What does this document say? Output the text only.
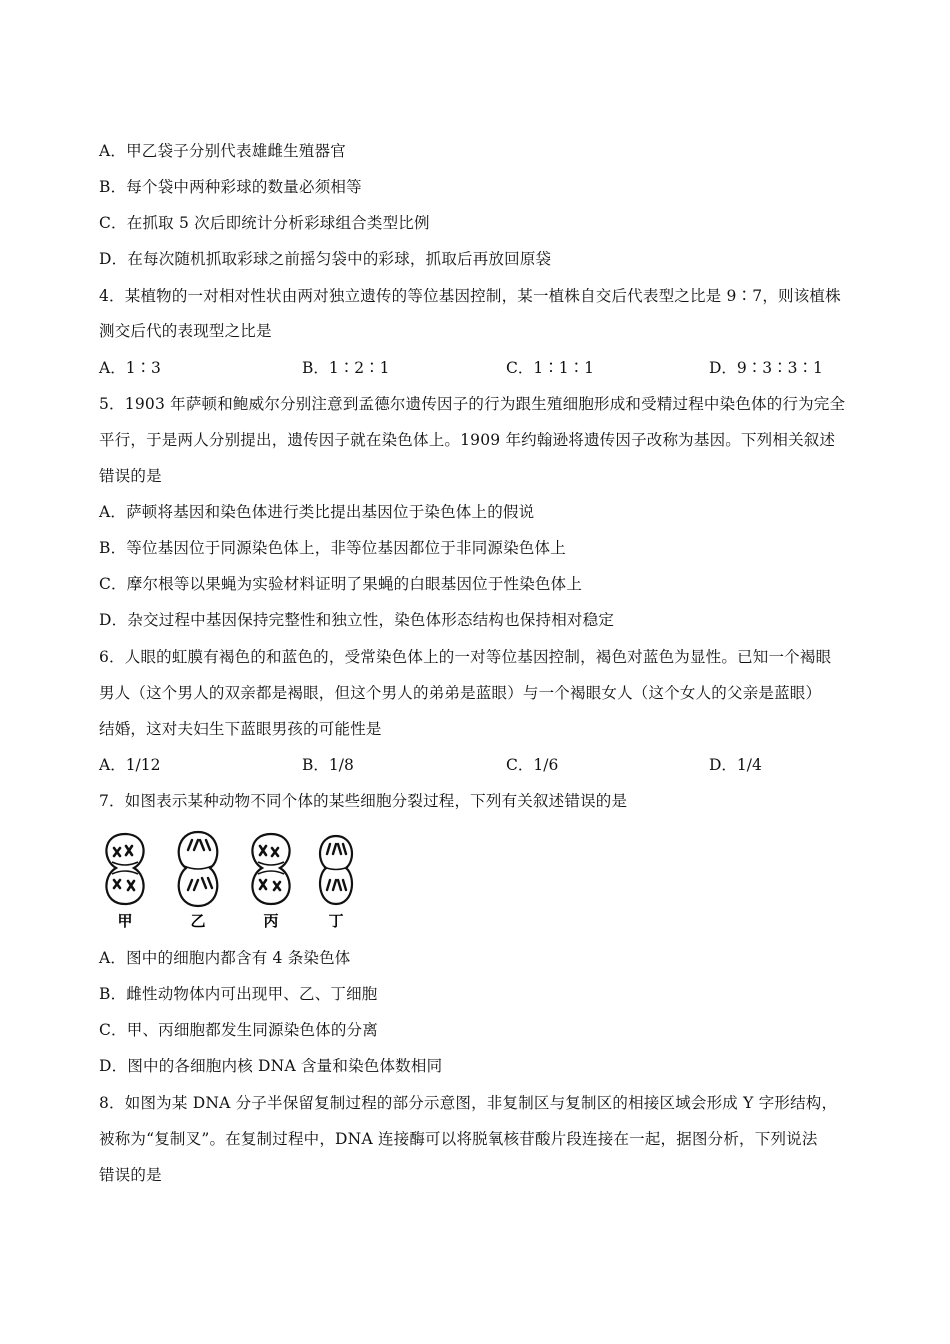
A．甲乙袋子分别代表雄雌生殖器官
B．每个袋中两种彩球的数量必须相等
C．在抓取 5 次后即统计分析彩球组合类型比例
D．在每次随机抓取彩球之前摇匀袋中的彩球，抓取后再放回原袋
4．某植物的一对相对性状由两对独立遗传的等位基因控制，某一植株自交后代表型之比是 9∶7，则该植株
测交后代的表现型之比是
A．1∶3	B．1∶2∶1	C．1∶1∶1	D．9∶3∶3∶1
5．1903 年萨顿和鲍威尔分别注意到孟德尔遗传因子的行为跟生殖细胞形成和受精过程中染色体的行为完全
平行，于是两人分别提出，遗传因子就在染色体上。1909 年约翰逊将遗传因子改称为基因。下列相关叙述
错误的是
A．萨顿将基因和染色体进行类比提出基因位于染色体上的假说
B．等位基因位于同源染色体上，非等位基因都位于非同源染色体上
C．摩尔根等以果蝇为实验材料证明了果蝇的白眼基因位于性染色体上
D．杂交过程中基因保持完整性和独立性，染色体形态结构也保持相对稳定
6．人眼的虹膜有褐色的和蓝色的，受常染色体上的一对等位基因控制，褐色对蓝色为显性。已知一个褐眼
男人（这个男人的双亲都是褐眼，但这个男人的弟弟是蓝眼）与一个褐眼女人（这个女人的父亲是蓝眼）
结婚，这对夫妇生下蓝眼男孩的可能性是
A．1/12	B．1/8	C．1/6	D．1/4
7．如图表示某种动物不同个体的某些细胞分裂过程，下列有关叙述错误的是
甲	乙	丙	丁
A．图中的细胞内都含有 4 条染色体
B．雌性动物体内可出现甲、乙、丁细胞
C．甲、丙细胞都发生同源染色体的分离
D．图中的各细胞内核 DNA 含量和染色体数相同
8．如图为某 DNA 分子半保留复制过程的部分示意图，非复制区与复制区的相接区域会形成 Y 字形结构，
被称为“复制叉”。在复制过程中，DNA 连接酶可以将脱氧核苷酸片段连接在一起，据图分析，下列说法
错误的是
